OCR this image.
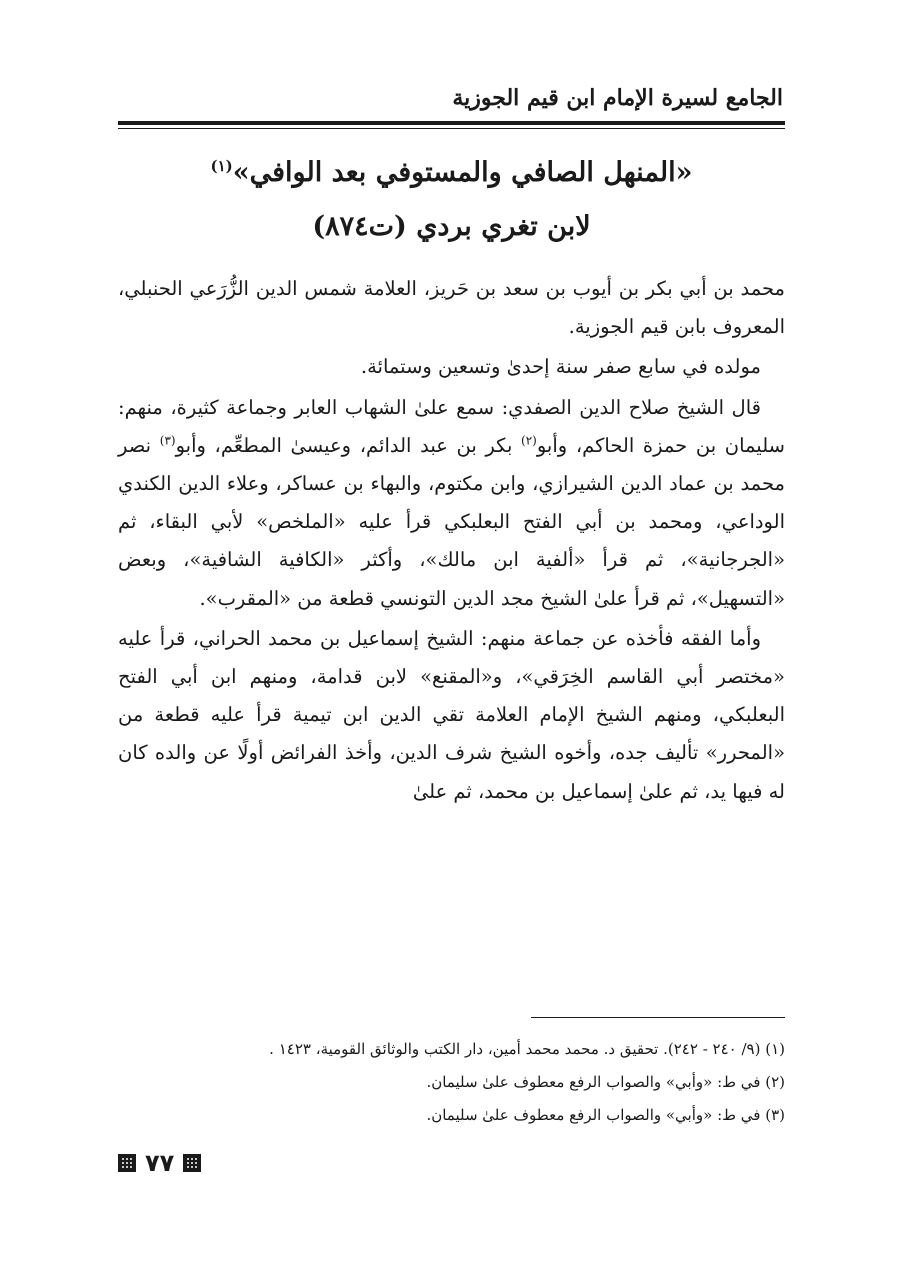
الجامع لسيرة الإمام ابن قيم الجوزية
«المنهل الصافي والمستوفي بعد الوافي»$^{(١)}$
لابن تغري بردي (ت٨٧٤)

محمد بن أبي بكر بن أيوب بن سعد بن حَريز، العلامة شمس الدين الزُّرَعي الحنبلي، المعروف بابن قيم الجوزية.

مولده في سابع صفر سنة إحدىٰ وتسعين وستمائة.

قال الشيخ صلاح الدين الصفدي: سمع علىٰ الشهاب العابر وجماعة كثيرة، منهم: سليمان بن حمزة الحاكم، وأبو$^{(٢)}$ بكر بن عبد الدائم، وعيسىٰ المطعِّم، وأبو$^{(٣)}$ نصر محمد بن عماد الدين الشيرازي، وابن مكتوم، والبهاء بن عساكر، وعلاء الدين الكندي الوداعي، ومحمد بن أبي الفتح البعلبكي قرأ عليه «الملخص» لأبي البقاء، ثم «الجرجانية»، ثم قرأ «ألفية ابن مالك»، وأكثر «الكافية الشافية»، وبعض «التسهيل»، ثم قرأ علىٰ الشيخ مجد الدين التونسي قطعة من «المقرب».

وأما الفقه فأخذه عن جماعة منهم: الشيخ إسماعيل بن محمد الحراني، قرأ عليه «مختصر أبي القاسم الخِرَقي»، و«المقنع» لابن قدامة، ومنهم ابن أبي الفتح البعلبكي، ومنهم الشيخ الإمام العلامة تقي الدين ابن تيمية قرأ عليه قطعة من «المحرر» تأليف جده، وأخوه الشيخ شرف الدين، وأخذ الفرائض أولًا عن والده كان له فيها يد، ثم علىٰ إسماعيل بن محمد، ثم علىٰ

(١) (٩/ ٢٤٠ - ٢٤٢). تحقيق د. محمد محمد أمين، دار الكتب والوثائق القومية، ١٤٢٣ .

(٢) في ط: «وأبي» والصواب الرفع معطوف علىٰ سليمان.

(٣) في ط: «وأبي» والصواب الرفع معطوف علىٰ سليمان.

٧٧
